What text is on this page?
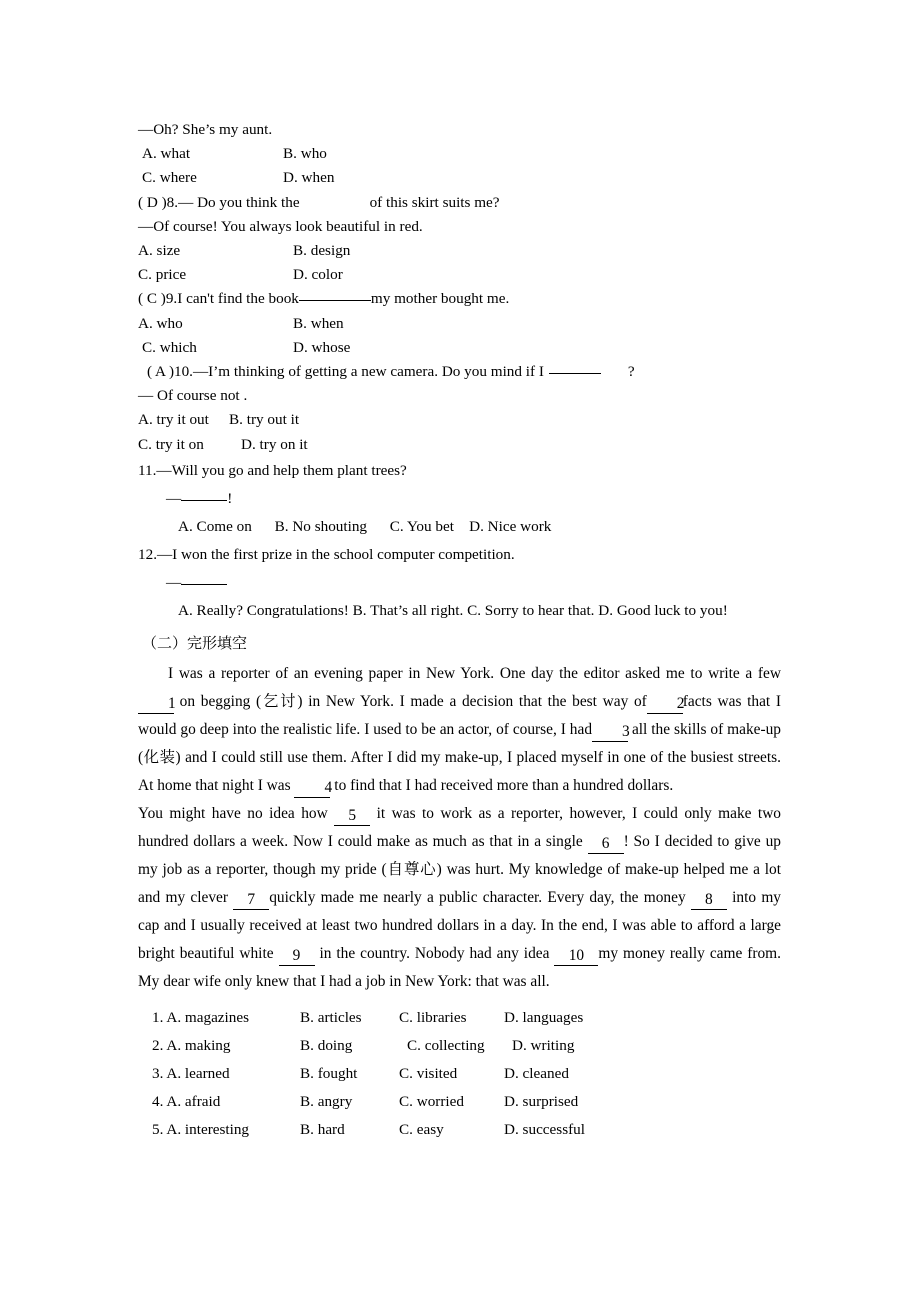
—Oh? She’s my aunt.
A. what	B. who
C. where	D. when
( D )8.— Do you think the	of this skirt suits me?
—Of course! You always look beautiful in red.
A. size	B. design
C. price	D. color
( C )9.I can't find the book	my mother bought me.
A. who	B. when
C. which	D. whose
( A )10.—I’m thinking of getting a new camera. Do you mind if I	?
— Of course not .
A. try it out B. try out it
C. try it on D. try on it
11.—Will you go and help them plant trees?
—	!
A. Come on      B. No shouting      C. You bet    D. Nice work
12.—I won the first prize in the school computer competition.
—
A. Really? Congratulations! B. That’s all right. C. Sorry to hear that. D. Good luck to you!
（二）完形填空

I was a reporter of an evening paper in New York. One day the editor asked me to write a few 1 on begging (乞讨) in New York. I made a decision that the best way of 2facts was that I would go deep into the realistic life. I used to be an actor, of course, I had 3 all the skills of make-up (化装) and I could still use them. After I did my make-up, I placed myself in one of the busiest streets. At home that night I was 4 to find that I had received more than a hundred dollars.

You might have no idea how 5 it was to work as a reporter, however, I could only make two hundred dollars a week. Now I could make as much as that in a single 6 ! So I decided to give up my job as a reporter, though my pride (自尊心) was hurt. My knowledge of make-up helped me a lot and my clever 7 quickly made me nearly a public character. Every day, the money 8 into my cap and I usually received at least two hundred dollars in a day. In the end, I was able to afford a large bright beautiful white 9 in the country. Nobody had any idea 10 my money really came from. My dear wife only knew that I had a job in New York: that was all.

1. A. magazines	B. articles C. libraries D. languages
2. A. making	B. doing	C. collecting D. writing
3. A. learned	B. fought	C. visited	D. cleaned
4. A. afraid	B. angry	C. worried	D. surprised
5. A. interesting	B. hard	C. easy	D. successful
